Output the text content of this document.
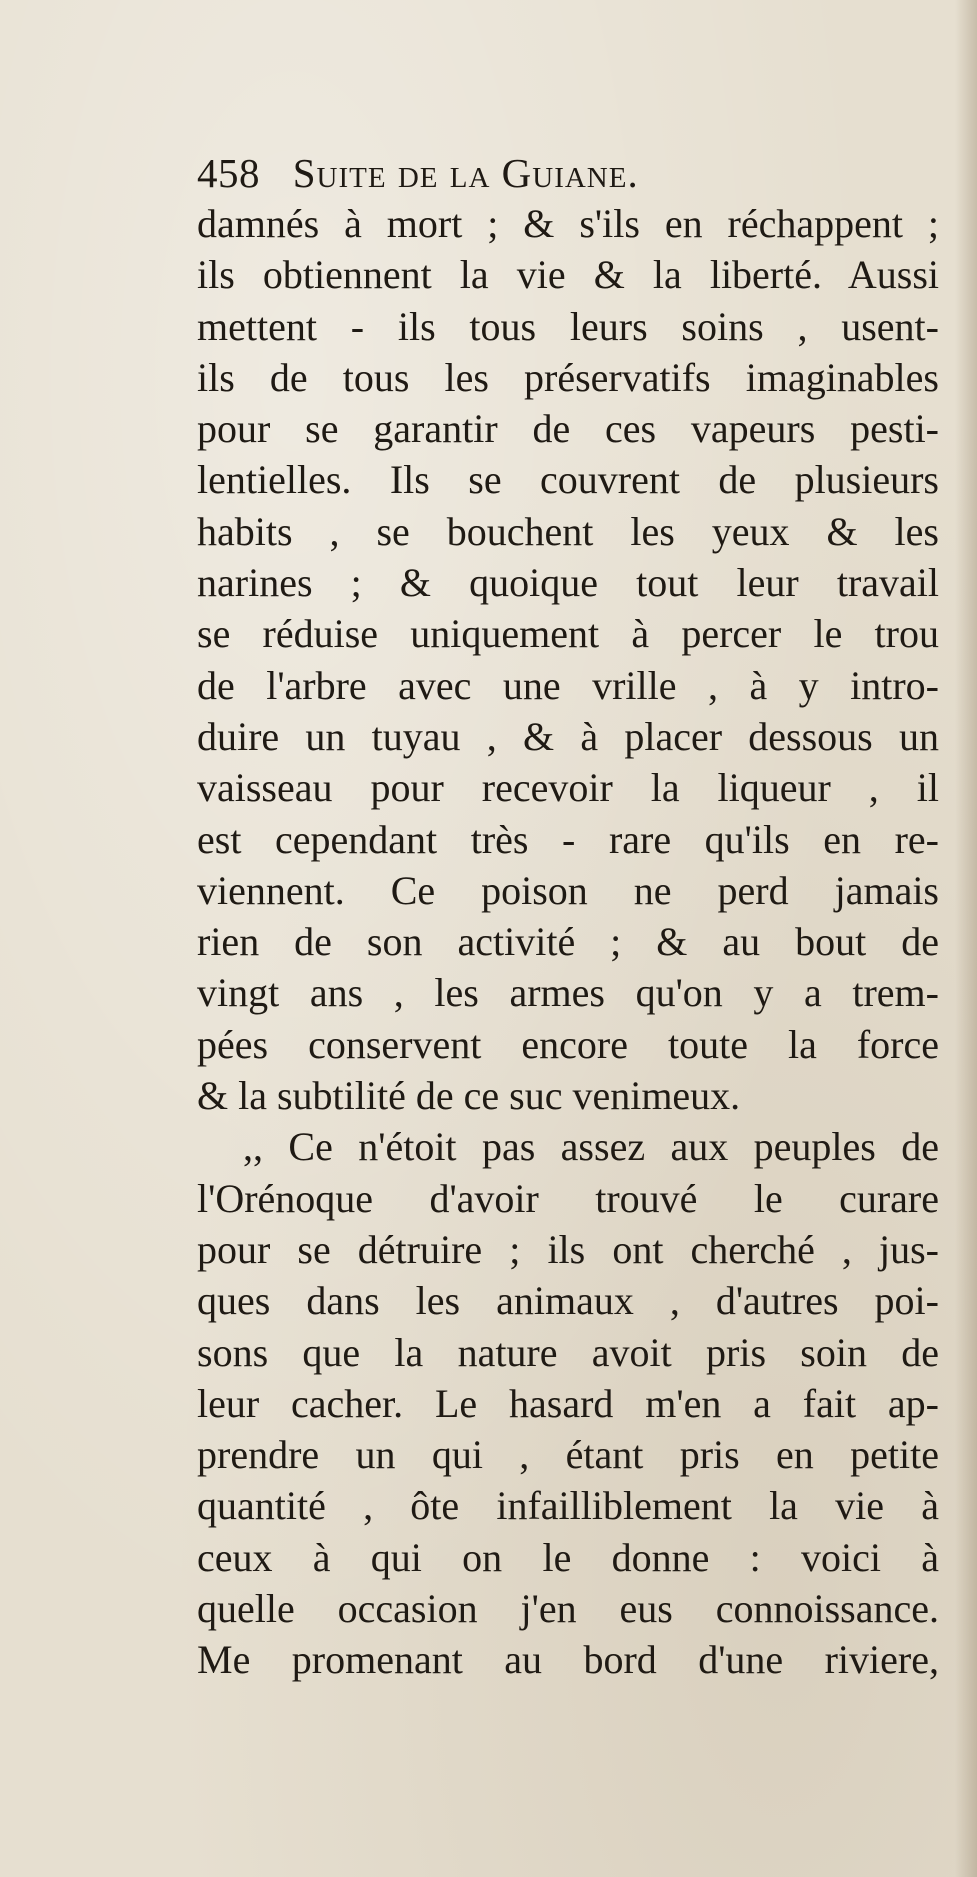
458 Suite de la Guiane.
damnés à mort ; & s'ils en réchappent ;
ils obtiennent la vie & la liberté. Aussi
mettent - ils tous leurs soins , usent-
ils de tous les préservatifs imaginables
pour se garantir de ces vapeurs pesti-
lentielles. Ils se couvrent de plusieurs
habits , se bouchent les yeux & les
narines ; & quoique tout leur travail
se réduise uniquement à percer le trou
de l'arbre avec une vrille , à y intro-
duire un tuyau , & à placer dessous un
vaisseau pour recevoir la liqueur , il
est cependant très - rare qu'ils en re-
viennent. Ce poison ne perd jamais
rien de son activité ; & au bout de
vingt ans , les armes qu'on y a trem-
pées conservent encore toute la force
& la subtilité de ce suc venimeux.
,, Ce n'étoit pas assez aux peuples de
l'Orénoque d'avoir trouvé le curare
pour se détruire ; ils ont cherché , jus-
ques dans les animaux , d'autres poi-
sons que la nature avoit pris soin de
leur cacher. Le hasard m'en a fait ap-
prendre un qui , étant pris en petite
quantité , ôte infailliblement la vie à
ceux à qui on le donne : voici à
quelle occasion j'en eus connoissance.
Me promenant au bord d'une riviere,
